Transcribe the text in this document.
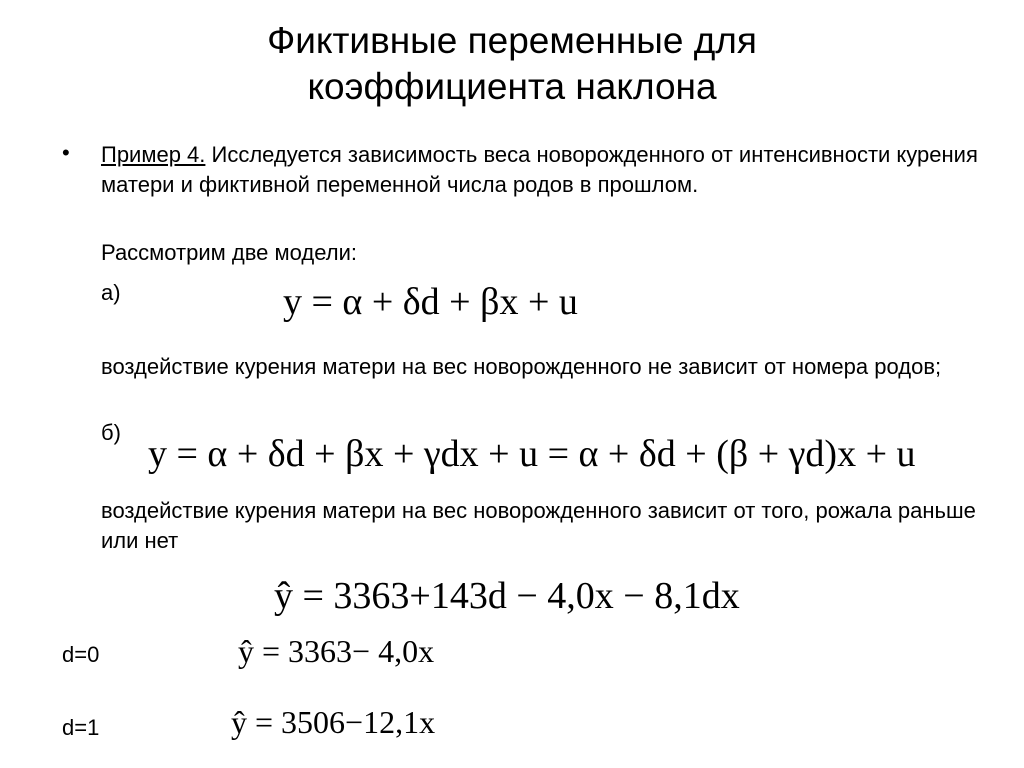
Фиктивные переменные для
коэффициента наклона
• Пример 4. Исследуется зависимость веса новорожденного от интенсивности курения матери и фиктивной переменной числа родов в прошлом.
Рассмотрим две модели:
а)	y = α + δd + βx + u
воздействие курения матери на вес новорожденного не зависит от номера родов;
б)
y = α + δd + βx + γdx + u = α + δd + (β + γd)x + u
воздействие курения матери на вес новорожденного зависит от того, рожала раньше или нет
ŷ = 3363+143d − 4,0x − 8,1dx
d=0	ŷ = 3363− 4,0x
d=1	ŷ = 3506−12,1x
